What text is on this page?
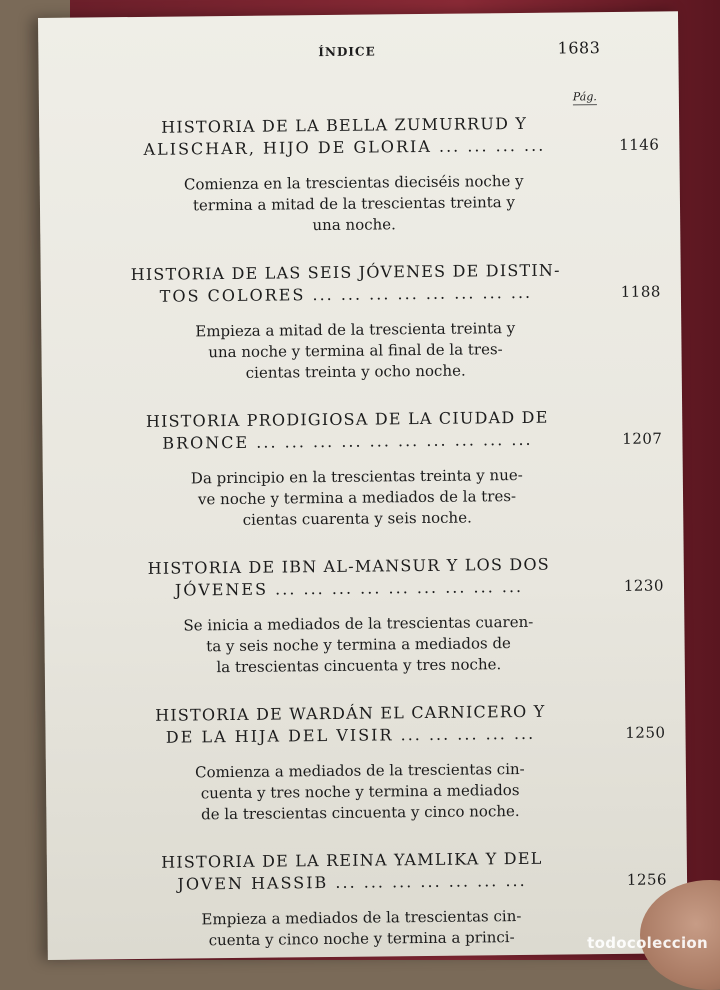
ÍNDICE	1683
Pág.
HISTORIA DE LA BELLA ZUMURRUD Y
ALISCHAR, HIJO DE GLORIA ... ... ... ...	1146
Comienza en la trescientas dieciséis noche y
termina a mitad de la trescientas treinta y
una noche.
HISTORIA DE LAS SEIS JÓVENES DE DISTIN-
TOS COLORES ... ... ... ... ... ... ... ...	1188
Empieza a mitad de la trescienta treinta y
una noche y termina al final de la tres-
cientas treinta y ocho noche.
HISTORIA PRODIGIOSA DE LA CIUDAD DE
BRONCE ... ... ... ... ... ... ... ... ... ...	1207
Da principio en la trescientas treinta y nue-
ve noche y termina a mediados de la tres-
cientas cuarenta y seis noche.
HISTORIA DE IBN AL-MANSUR Y LOS DOS
JÓVENES ... ... ... ... ... ... ... ... ...	1230
Se inicia a mediados de la trescientas cuaren-
ta y seis noche y termina a mediados de
la trescientas cincuenta y tres noche.
HISTORIA DE WARDÁN EL CARNICERO Y
DE LA HIJA DEL VISIR ... ... ... ... ...	1250
Comienza a mediados de la trescientas cin-
cuenta y tres noche y termina a mediados
de la trescientas cincuenta y cinco noche.
HISTORIA DE LA REINA YAMLIKA Y DEL
JOVEN HASSIB ... ... ... ... ... ... ...	1256
Empieza a mediados de la trescientas cin-
cuenta y cinco noche y termina a princi-	todocoleccion
